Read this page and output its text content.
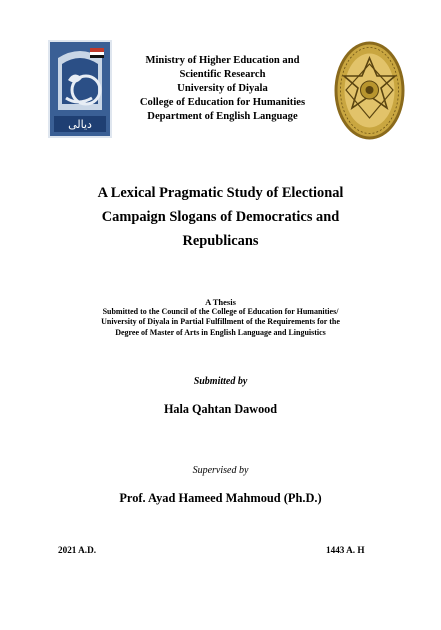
ديالى
Ministry of Higher Education and
Scientific Research
University of Diyala
College of Education for Humanities
Department of English Language
A Lexical Pragmatic Study of Electional
Campaign Slogans of Democratics and
Republicans
A Thesis
Submitted to the Council of the College of Education for Humanities/
University of Diyala in Partial Fulfillment of the Requirements for the
Degree of Master of Arts in English Language and Linguistics
Submitted by
Hala Qahtan Dawood
Supervised by
Prof. Ayad Hameed Mahmoud (Ph.D.)
2021 A.D.	1443 A. H
